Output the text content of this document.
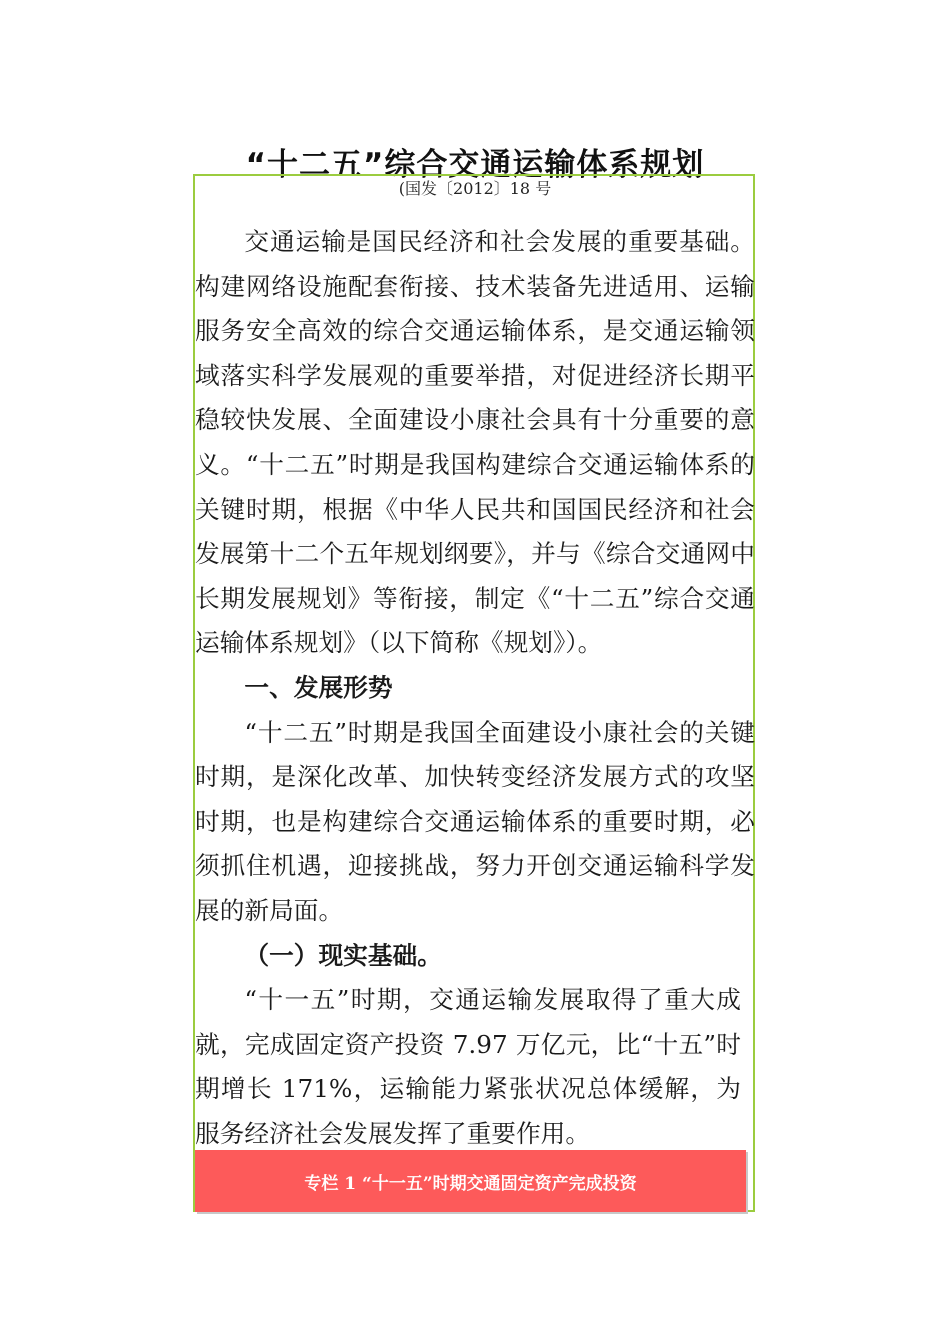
“十二五”综合交通运输体系规划
(国发〔2012〕18 号

交通运输是国民经济和社会发展的重要基础。构建网络设施配套衔接、技术装备先进适用、运输服务安全高效的综合交通运输体系，是交通运输领域落实科学发展观的重要举措，对促进经济长期平稳较快发展、全面建设小康社会具有十分重要的意义。“十二五”时期是我国构建综合交通运输体系的关键时期，根据《中华人民共和国国民经济和社会发展第十二个五年规划纲要》，并与《综合交通网中长期发展规划》等衔接，制定《“十二五”综合交通运输体系规划》（以下简称《规划》）。

一、发展形势

“十二五”时期是我国全面建设小康社会的关键时期，是深化改革、加快转变经济发展方式的攻坚时期，也是构建综合交通运输体系的重要时期，必须抓住机遇，迎接挑战，努力开创交通运输科学发展的新局面。

（一）现实基础。

“十一五”时期，交通运输发展取得了重大成就，完成固定资产投资 7.97 万亿元，比“十五”时期增长 171%，运输能力紧张状况总体缓解，为服务经济社会发展发挥了重要作用。

专栏 1 “十一五”时期交通固定资产完成投资
